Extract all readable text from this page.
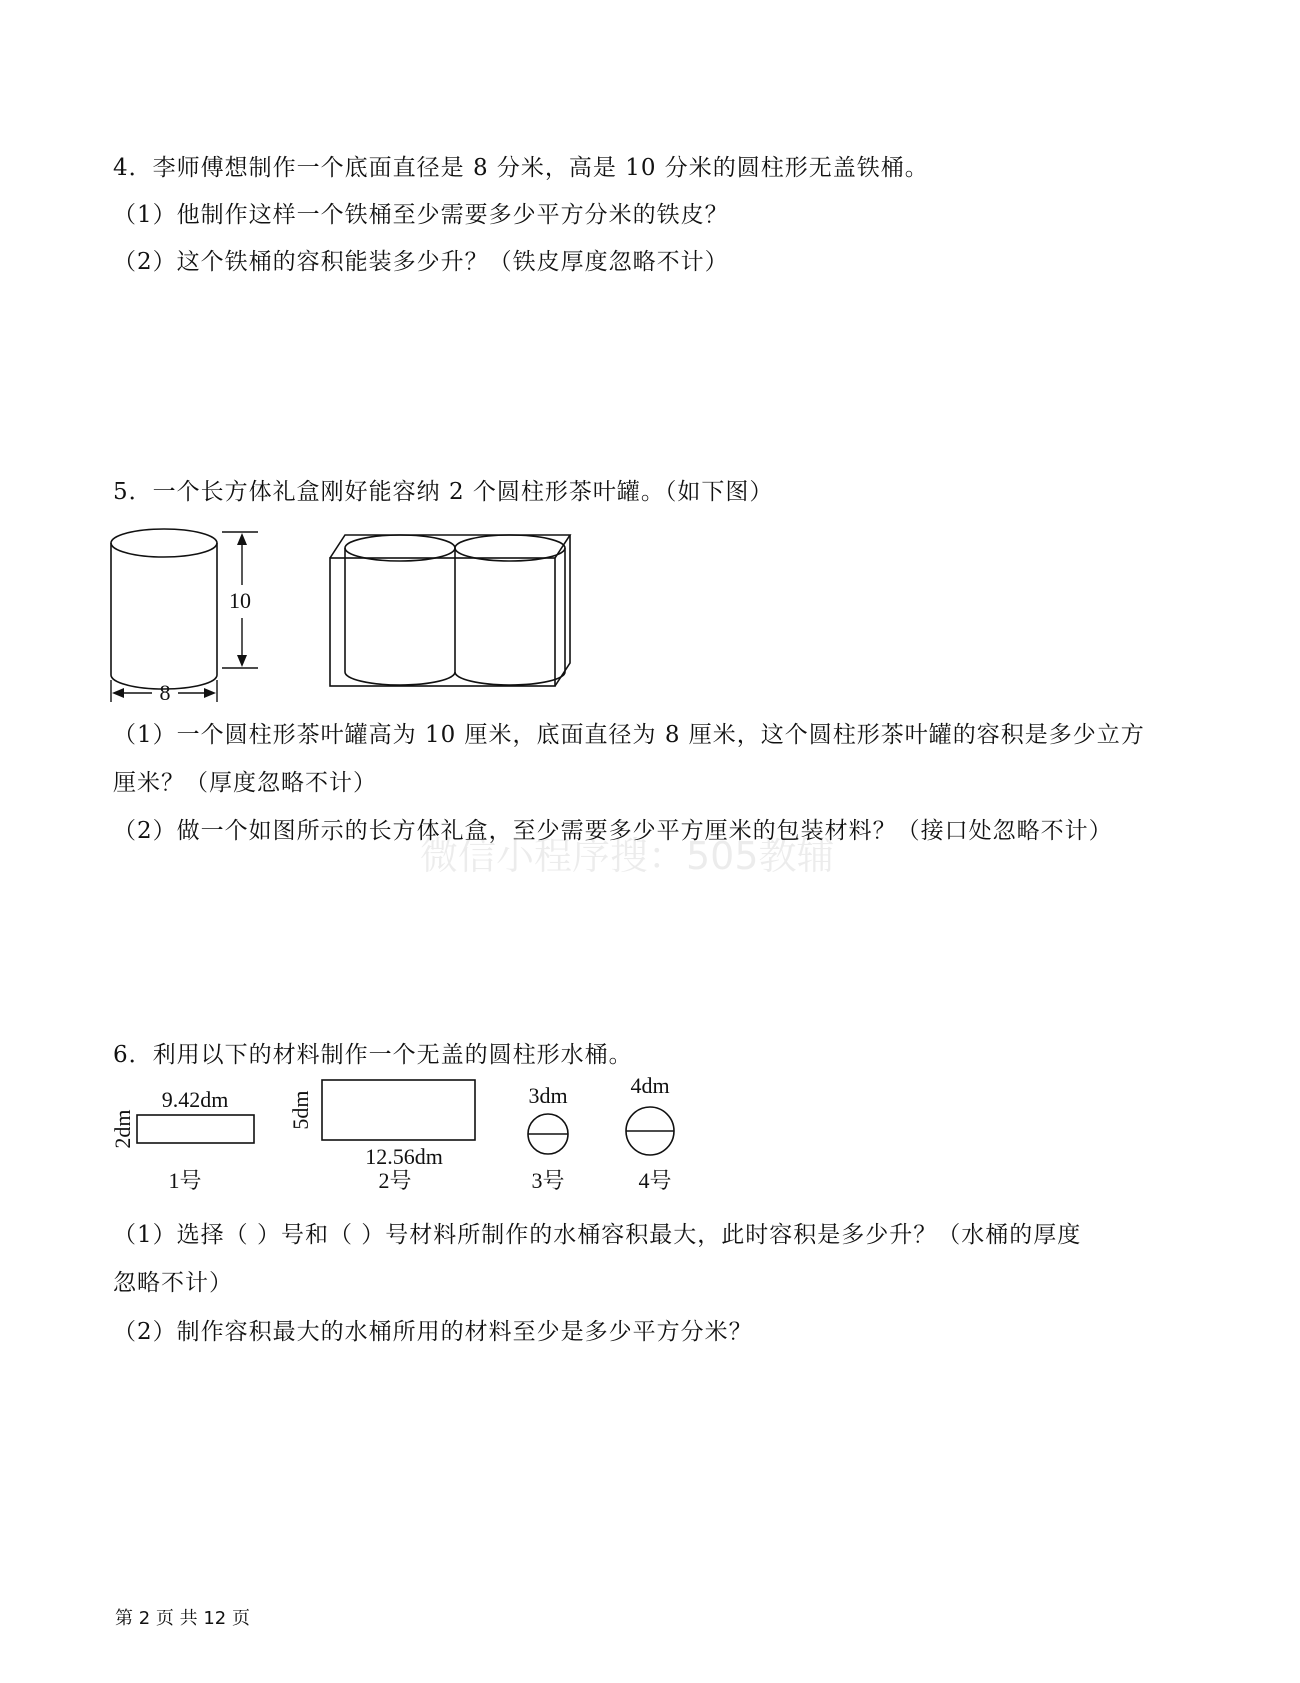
4．李师傅想制作一个底面直径是 8 分米，高是 10 分米的圆柱形无盖铁桶。
（1）他制作这样一个铁桶至少需要多少平方分米的铁皮？
（2）这个铁桶的容积能装多少升？（铁皮厚度忽略不计）
5．一个长方体礼盒刚好能容纳 2 个圆柱形茶叶罐。（如下图）
10
8
（1）一个圆柱形茶叶罐高为 10 厘米，底面直径为 8 厘米，这个圆柱形茶叶罐的容积是多少立方
厘米？（厚度忽略不计）
（2）做一个如图所示的长方体礼盒，至少需要多少平方厘米的包装材料？（接口处忽略不计）
微信小程序搜：505教辅
6．利用以下的材料制作一个无盖的圆柱形水桶。
9.42dm
2dm
1号
5dm
12.56dm
2号
3dm
3号
4dm
4号
（1）选择（ ）号和（ ）号材料所制作的水桶容积最大，此时容积是多少升？（水桶的厚度
忽略不计）
（2）制作容积最大的水桶所用的材料至少是多少平方分米？
第 2 页 共 12 页
